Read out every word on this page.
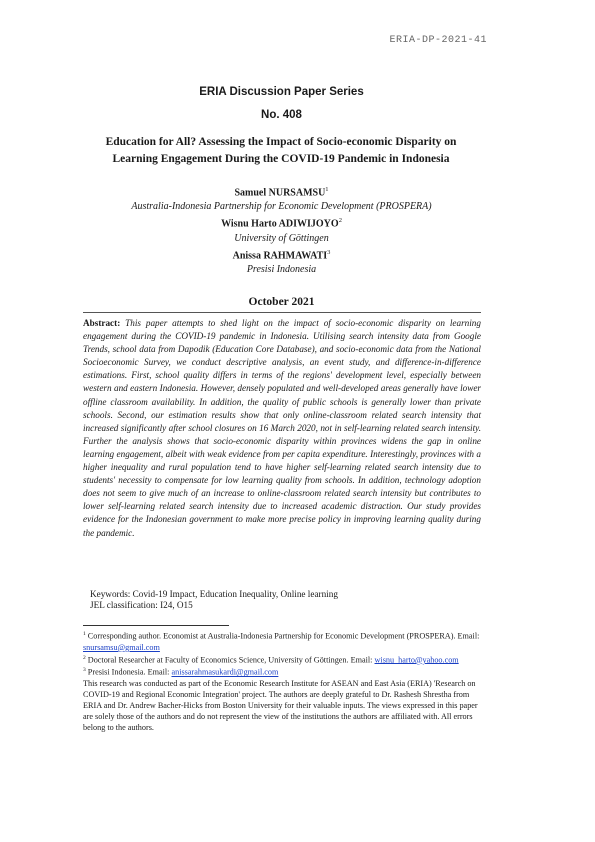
ERIA-DP-2021-41
ERIA Discussion Paper Series
No. 408
Education for All? Assessing the Impact of Socio-economic Disparity on
Learning Engagement During the COVID-19 Pandemic in Indonesia
Samuel NURSAMSU$^1$
Australia-Indonesia Partnership for Economic Development (PROSPERA)
Wisnu Harto ADIWIJOYO$^2$
University of Göttingen
Anissa RAHMAWATI$^3$
Presisi Indonesia
October 2021

Abstract: This paper attempts to shed light on the impact of socio-economic disparity on learning engagement during the COVID-19 pandemic in Indonesia. Utilising search intensity data from Google Trends, school data from Dapodik (Education Core Database), and socio-economic data from the National Socioeconomic Survey, we conduct descriptive analysis, an event study, and difference-in-difference estimations. First, school quality differs in terms of the regions' development level, especially between western and eastern Indonesia. However, densely populated and well-developed areas generally have lower offline classroom availability. In addition, the quality of public schools is generally lower than private schools. Second, our estimation results show that only online-classroom related search intensity that increased significantly after school closures on 16 March 2020, not in self-learning related search intensity. Further the analysis shows that socio-economic disparity within provinces widens the gap in online learning engagement, albeit with weak evidence from per capita expenditure. Interestingly, provinces with a higher inequality and rural population tend to have higher self-learning related search intensity due to students' necessity to compensate for low learning quality from schools. In addition, technology adoption does not seem to give much of an increase to online-classroom related search intensity but contributes to lower self-learning related search intensity due to increased academic distraction. Our study provides evidence for the Indonesian government to make more precise policy in improving learning quality during the pandemic.

Keywords: Covid-19 Impact, Education Inequality, Online learning
JEL classification: I24, O15

$^1$ Corresponding author. Economist at Australia-Indonesia Partnership for Economic Development (PROSPERA). Email: snursamsu@gmail.com

$^2$ Doctoral Researcher at Faculty of Economics Science, University of Göttingen. Email: wisnu_harto@yahoo.com

$^3$ Presisi Indonesia. Email: anissarahmasukardi@gmail.com

This research was conducted as part of the Economic Research Institute for ASEAN and East Asia (ERIA) 'Research on COVID-19 and Regional Economic Integration' project. The authors are deeply grateful to Dr. Rashesh Shrestha from ERIA and Dr. Andrew Bacher-Hicks from Boston University for their valuable inputs. The views expressed in this paper are solely those of the authors and do not represent the view of the institutions the authors are affiliated with. All errors belong to the authors.
